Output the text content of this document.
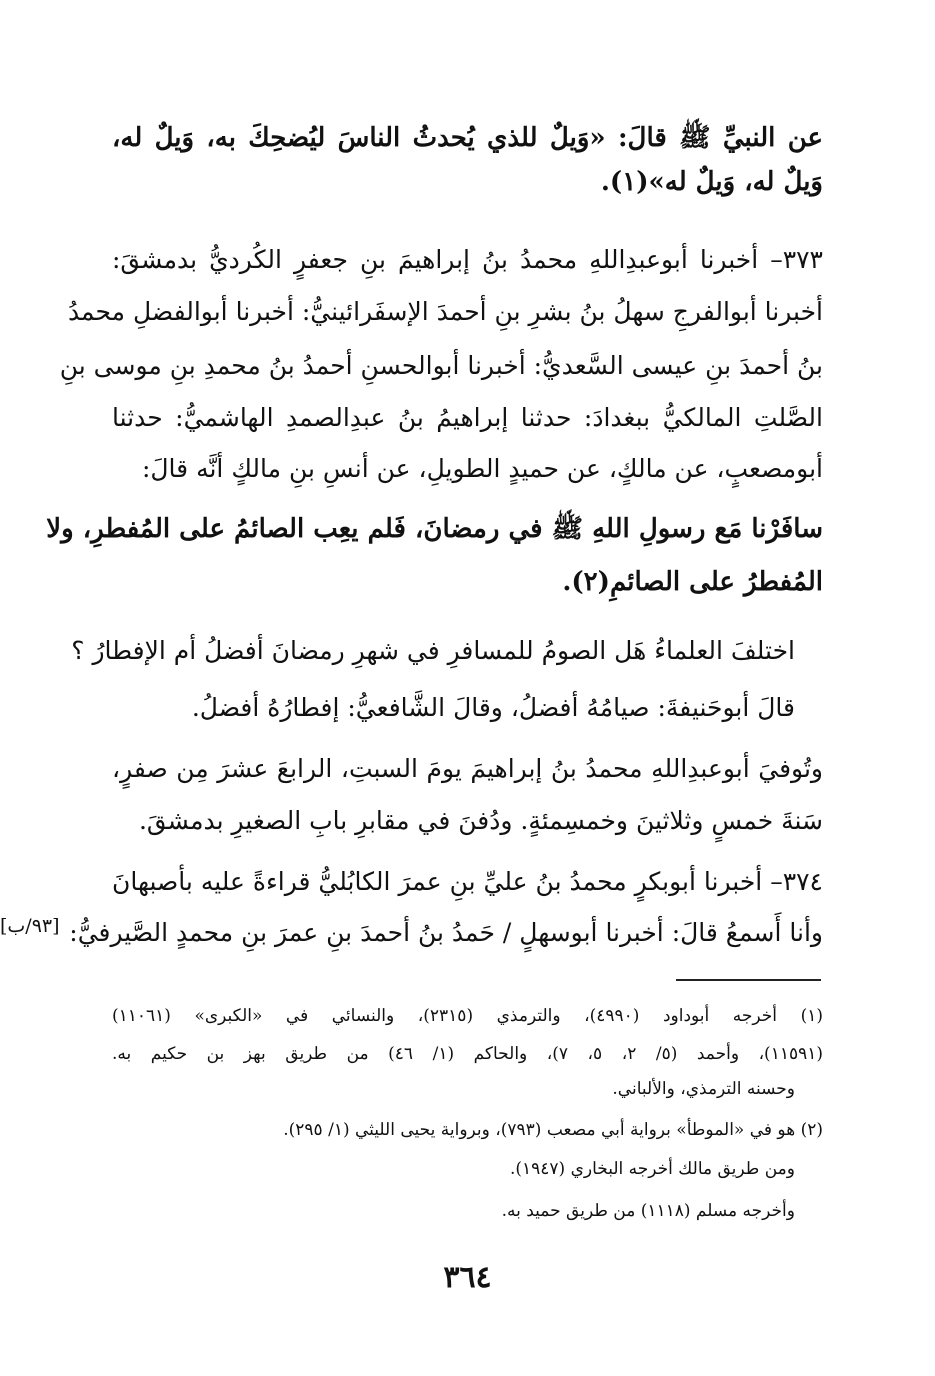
عن النبيِّ ﷺ قالَ: «وَيلٌ للذي يُحدثُ الناسَ ليُضحِكَ به، وَيلٌ له،
وَيلٌ له، وَيلٌ له»(١).
٣٧٣– أخبرنا أبوعبدِاللهِ محمدُ بنُ إبراهيمَ بنِ جعفرٍ الكُرديُّ بدمشقَ:
أخبرنا أبوالفرجِ سهلُ بنُ بشرِ بنِ أحمدَ الإسفَرائينيُّ: أخبرنا أبوالفضلِ محمدُ
بنُ أحمدَ بنِ عيسى السَّعديُّ: أخبرنا أبوالحسنِ أحمدُ بنُ محمدِ بنِ موسى بنِ
الصَّلتِ المالكيُّ ببغدادَ: حدثنا إبراهيمُ بنُ عبدِالصمدِ الهاشميُّ: حدثنا
أبومصعبٍ، عن مالكٍ، عن حميدٍ الطويلِ، عن أنسِ بنِ مالكٍ أنَّه قالَ:
سافَرْنا مَع رسولِ اللهِ ﷺ في رمضانَ، فَلم يعِب الصائمُ على المُفطرِ، ولا
المُفطرُ على الصائمِ(٢).
اختلفَ العلماءُ هَل الصومُ للمسافرِ في شهرِ رمضانَ أفضلُ أم الإفطارُ ؟
قالَ أبوحَنيفةَ: صيامُهُ أفضلُ، وقالَ الشَّافعيُّ: إفطارُهُ أفضلُ.
وتُوفيَ أبوعبدِاللهِ محمدُ بنُ إبراهيمَ يومَ السبتِ، الرابعَ عشرَ مِن صفرٍ،
سَنةَ خمسٍ وثلاثينَ وخمسِمئةٍ. ودُفنَ في مقابرِ بابِ الصغيرِ بدمشقَ.
٣٧٤– أخبرنا أبوبكرٍ محمدُ بنُ عليِّ بنِ عمرَ الكابُليُّ قراءةً عليه بأصبهانَ
وأنا أَسمعُ قالَ: أخبرنا أبوسهلٍ / حَمدُ بنُ أحمدَ بنِ عمرَ بنِ محمدٍ الصَّيرفيُّ:
[٩٣/ب]
(١) أخرجه أبوداود (٤٩٩٠)، والترمذي (٢٣١٥)، والنسائي في «الكبرى» (١١٠٦١)
(١١٥٩١)، وأحمد (٥/ ٢، ٥، ٧)، والحاكم (١/ ٤٦) من طريق بهز بن حكيم به.
وحسنه الترمذي، والألباني.
(٢) هو في «الموطأ» برواية أبي مصعب (٧٩٣)، وبرواية يحيى الليثي (١/ ٢٩٥).
ومن طريق مالك أخرجه البخاري (١٩٤٧).
وأخرجه مسلم (١١١٨) من طريق حميد به.
٣٦٤
